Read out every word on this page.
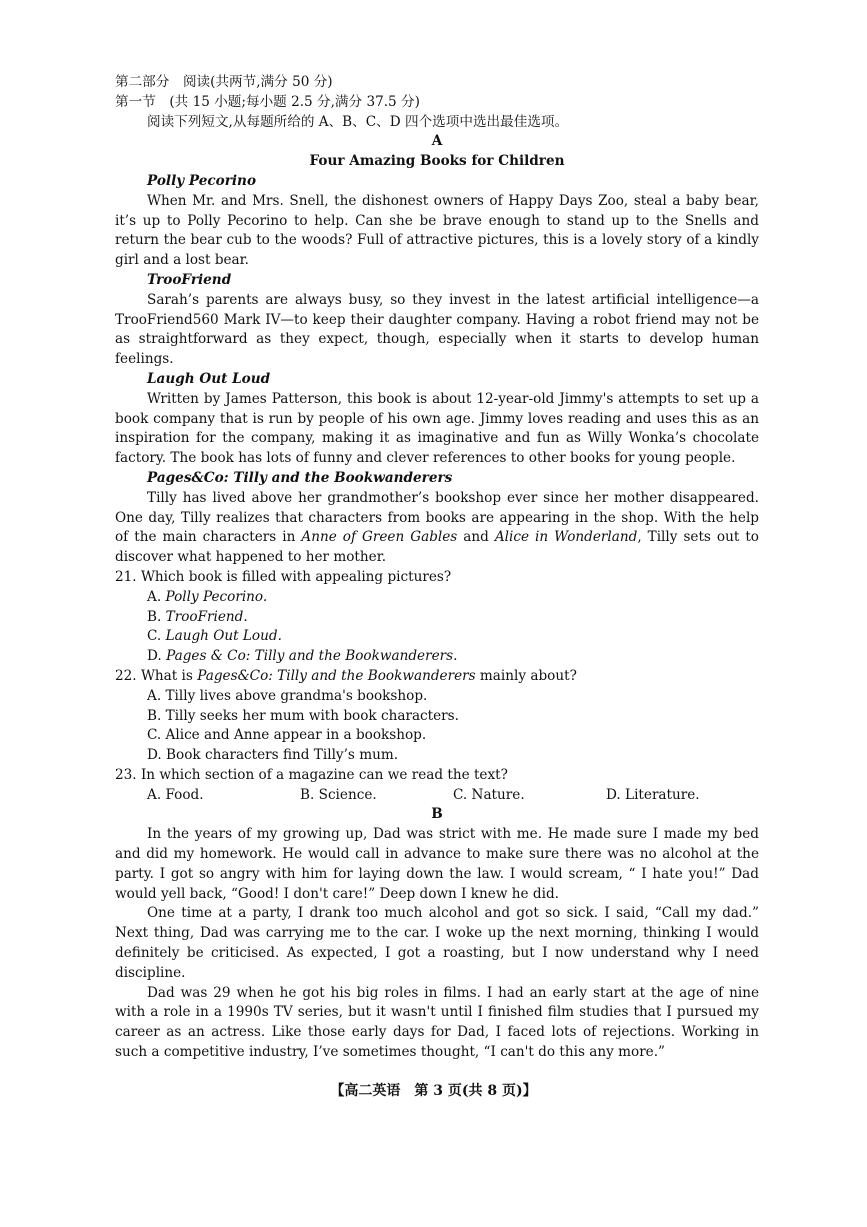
第二部分　阅读(共两节,满分 50 分)
第一节　(共 15 小题;每小题 2.5 分,满分 37.5 分)
阅读下列短文,从每题所给的 A、B、C、D 四个选项中选出最佳选项。
A
Four Amazing Books for Children
Polly Pecorino
When Mr. and Mrs. Snell, the dishonest owners of Happy Days Zoo, steal a baby bear, it’s up to Polly Pecorino to help. Can she be brave enough to stand up to the Snells and return the bear cub to the woods? Full of attractive pictures, this is a lovely story of a kindly girl and a lost bear.
TrooFriend
Sarah’s parents are always busy, so they invest in the latest artificial intelligence—a TrooFriend560 Mark IV—to keep their daughter company. Having a robot friend may not be as straightforward as they expect, though, especially when it starts to develop human feelings.
Laugh Out Loud
Written by James Patterson, this book is about 12-year-old Jimmy's attempts to set up a book company that is run by people of his own age. Jimmy loves reading and uses this as an inspiration for the company, making it as imaginative and fun as Willy Wonka’s chocolate factory. The book has lots of funny and clever references to other books for young people.
Pages&Co: Tilly and the Bookwanderers
Tilly has lived above her grandmother’s bookshop ever since her mother disappeared. One day, Tilly realizes that characters from books are appearing in the shop. With the help of the main characters in Anne of Green Gables and Alice in Wonderland, Tilly sets out to discover what happened to her mother.
21. Which book is filled with appealing pictures?
A. Polly Pecorino.
B. TrooFriend.
C. Laugh Out Loud.
D. Pages & Co: Tilly and the Bookwanderers.
22. What is Pages&Co: Tilly and the Bookwanderers mainly about?
A. Tilly lives above grandma's bookshop.
B. Tilly seeks her mum with book characters.
C. Alice and Anne appear in a bookshop.
D. Book characters find Tilly’s mum.
23. In which section of a magazine can we read the text?
A. Food.	B. Science.	C. Nature.	D. Literature.
B
In the years of my growing up, Dad was strict with me. He made sure I made my bed and did my homework. He would call in advance to make sure there was no alcohol at the party. I got so angry with him for laying down the law. I would scream, “ I hate you!” Dad would yell back, “Good! I don't care!” Deep down I knew he did.
One time at a party, I drank too much alcohol and got so sick. I said, “Call my dad.” Next thing, Dad was carrying me to the car. I woke up the next morning, thinking I would definitely be criticised. As expected, I got a roasting, but I now understand why I need discipline.
Dad was 29 when he got his big roles in films. I had an early start at the age of nine with a role in a 1990s TV series, but it wasn't until I finished film studies that I pursued my career as an actress. Like those early days for Dad, I faced lots of rejections. Working in such a competitive industry, I’ve sometimes thought, “I can't do this any more.”
【高二英语　第 3 页(共 8 页)】
